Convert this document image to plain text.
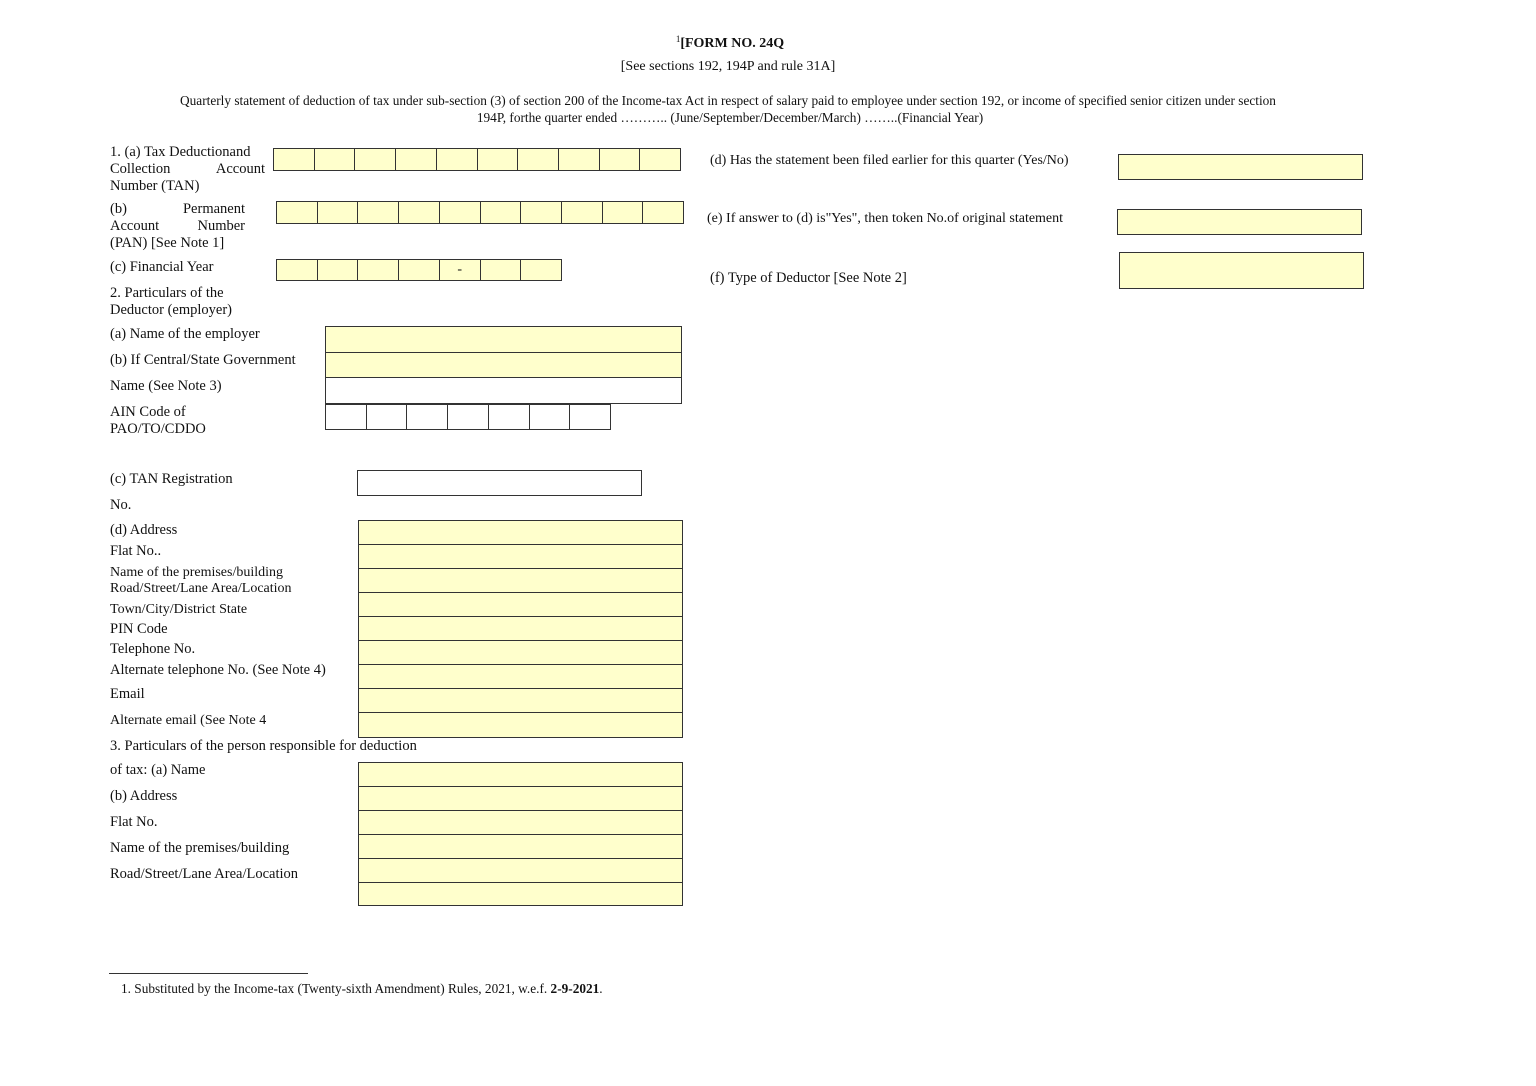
$^1$[FORM NO. 24Q
[See sections 192, 194P and rule 31A]
Quarterly statement of deduction of tax under sub-section (3) of section 200 of the Income-tax Act in respect of salary paid to employee under section 192, or income of specified senior citizen under section
194P, forthe quarter ended ……….. (June/September/December/March) ……..(Financial Year)
1. (a) Tax Deductionand
Collection	Account
Number (TAN)
(b)	Permanent
Account	Number
(PAN) [See Note 1]
(c) Financial Year	-
(d) Has the statement been filed earlier for this quarter (Yes/No)
(e) If answer to (d) is"Yes", then token No.of original statement
(f) Type of Deductor [See Note 2]
2. Particulars of the
Deductor (employer)
(a) Name of the employer
(b) If Central/State Government
Name (See Note 3)
AIN Code of
PAO/TO/CDDO
(c) TAN Registration
No.
(d) Address
Flat No..
Name of the premises/building
Road/Street/Lane Area/Location
Town/City/District State
PIN Code
Telephone No.
Alternate telephone No. (See Note 4)
Email
Alternate email (See Note 4
3. Particulars of the person responsible for deduction
of tax: (a) Name
(b) Address
Flat No.
Name of the premises/building
Road/Street/Lane Area/Location
1. Substituted by the Income-tax (Twenty-sixth Amendment) Rules, 2021, w.e.f. 2-9-2021.
